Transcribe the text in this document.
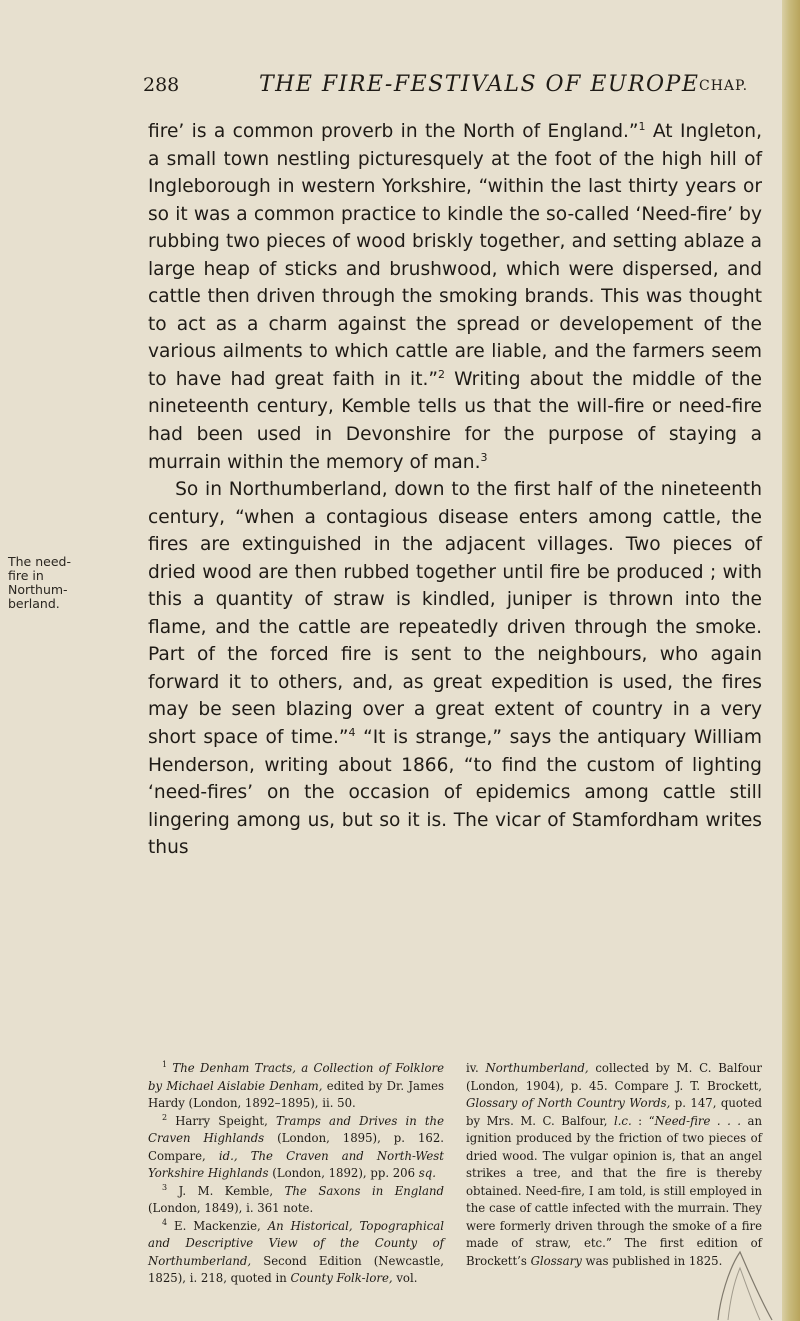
288	THE FIRE-FESTIVALS OF EUROPE CHAP.
The need-
fire in
Northum-
berland.
fire’ is a common proverb in the North of England.”$^1$ At Ingleton, a small town nestling picturesquely at the foot of the high hill of Ingleborough in western Yorkshire, “within the last thirty years or so it was a common practice to kindle the so-called ‘Need-fire’ by rubbing two pieces of wood briskly together, and setting ablaze a large heap of sticks and brushwood, which were dispersed, and cattle then driven through the smoking brands. This was thought to act as a charm against the spread or developement of the various ailments to which cattle are liable, and the farmers seem to have had great faith in it.”$^2$ Writing about the middle of the nineteenth century, Kemble tells us that the will-fire or need-fire had been used in Devonshire for the purpose of staying a murrain within the memory of man.$^3$
So in Northumberland, down to the first half of the nineteenth century, “when a contagious disease enters among cattle, the fires are extinguished in the adjacent villages. Two pieces of dried wood are then rubbed together until fire be produced ; with this a quantity of straw is kindled, juniper is thrown into the flame, and the cattle are repeatedly driven through the smoke. Part of the forced fire is sent to the neighbours, who again forward it to others, and, as great expedition is used, the fires may be seen blazing over a great extent of country in a very short space of time.”$^4$ “It is strange,” says the antiquary William Henderson, writing about 1866, “to find the custom of lighting ‘need-fires’ on the occasion of epidemics among cattle still lingering among us, but so it is. The vicar of Stamfordham writes thus

$^1$ The Denham Tracts, a Collection of Folklore by Michael Aislabie Denham, edited by Dr. James Hardy (London, 1892–1895), ii. 50.

$^2$ Harry Speight, Tramps and Drives in the Craven Highlands (London, 1895), p. 162. Compare, id., The Craven and North-West Yorkshire Highlands (London, 1892), pp. 206 sq.

$^3$ J. M. Kemble, The Saxons in England (London, 1849), i. 361 note.

$^4$ E. Mackenzie, An Historical, Topographical and Descriptive View of the County of Northumberland, Second Edition (Newcastle, 1825), i. 218, quoted in County Folk-lore, vol.

iv. Northumberland, collected by M. C. Balfour (London, 1904), p. 45. Compare J. T. Brockett, Glossary of North Country Words, p. 147, quoted by Mrs. M. C. Balfour, l.c. : “Need-fire . . . an ignition produced by the friction of two pieces of dried wood. The vulgar opinion is, that an angel strikes a tree, and that the fire is thereby obtained. Need-fire, I am told, is still employed in the case of cattle infected with the murrain. They were formerly driven through the smoke of a fire made of straw, etc.” The first edition of Brockett’s Glossary was published in 1825.
